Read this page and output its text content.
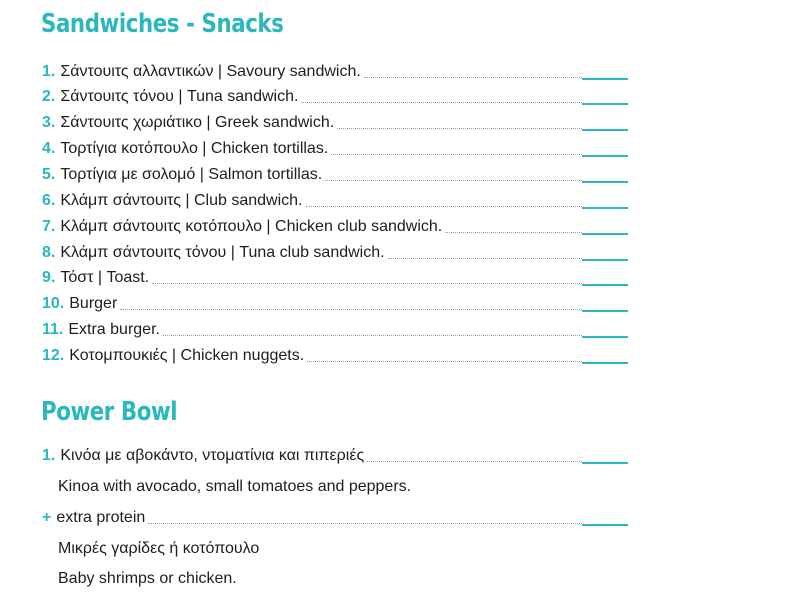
Sandwiches - Snacks
1. Σάντουιτς αλλαντικών | Savoury sandwich.
2. Σάντουιτς τόνου | Tuna sandwich.
3. Σάντουιτς χωριάτικο | Greek sandwich.
4. Τορτίγια κοτόπουλο | Chicken tortillas.
5. Τορτίγια με σολομό | Salmon tortillas.
6. Κλάμπ σάντουιτς | Club sandwich.
7. Κλάμπ σάντουιτς κοτόπουλο | Chicken club sandwich.
8. Κλάμπ σάντουιτς τόνου | Tuna club sandwich.
9. Τόστ | Toast.
10. Burger
11. Extra burger.
12. Κοτομπουκιές | Chicken nuggets.
Power Bowl
1. Κινόα με αβοκάντο, ντοματίνια και πιπεριές
Kinoa with avocado, small tomatoes and peppers.
+ extra protein
Μικρές γαρίδες ή κοτόπουλο
Baby shrimps or chicken.
